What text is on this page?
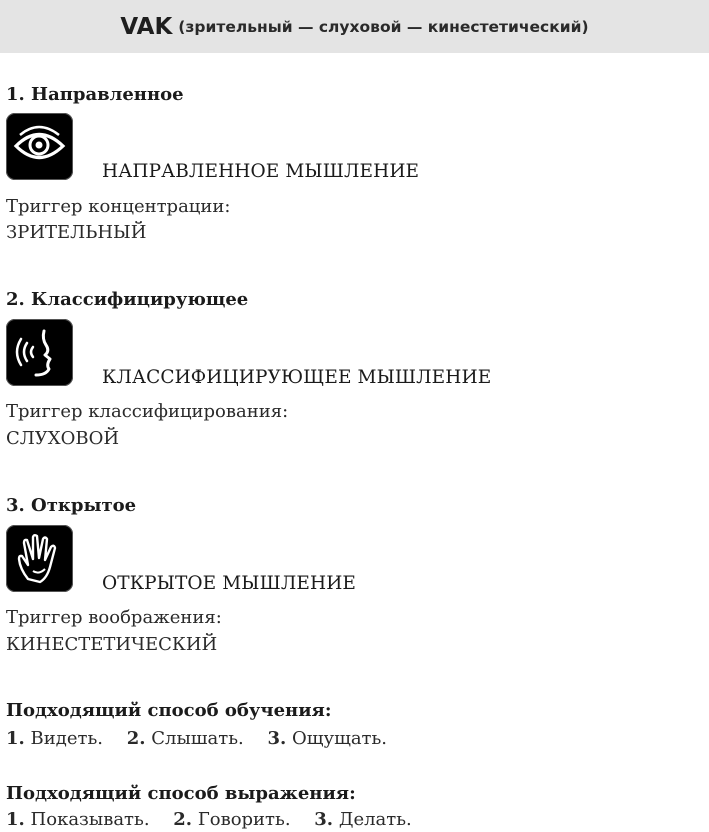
VAK (зрительный — слуховой — кинестетический)
1. Направленное
НАПРАВЛЕННОЕ МЫШЛЕНИЕ
Триггер концентрации:
ЗРИТЕЛЬНЫЙ
2. Классифицирующее
КЛАССИФИЦИРУЮЩЕЕ МЫШЛЕНИЕ
Триггер классифицирования:
СЛУХОВОЙ
3. Открытое
ОТКРЫТОЕ МЫШЛЕНИЕ
Триггер воображения:
КИНЕСТЕТИЧЕСКИЙ
Подходящий способ обучения:
1. Видеть. 2. Слышать. 3. Ощущать.
Подходящий способ выражения:
1. Показывать. 2. Говорить. 3. Делать.
